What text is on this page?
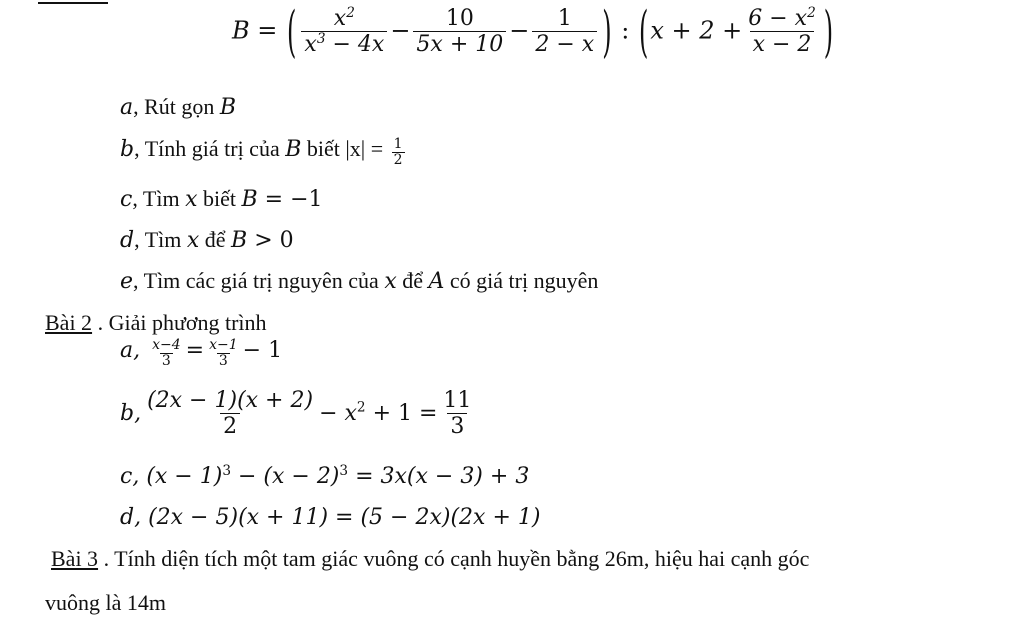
B = ( $\frac{x^2}{x^3 - 4x} - \frac{10}{5x + 10} - \frac{1}{2 - x}$ ) : ($x + 2 + \frac{6 - x^2}{x - 2}$ )
a, Rút gọn B
b, Tính giá trị của B biết $|x| = \frac{1}{2}$
c, Tìm x biết B = −1
d, Tìm x để B > 0
e, Tìm các giá trị nguyên của x để A có giá trị nguyên
Bài 2 . Giải phương trình
a, $\frac{x-4}{3} = \frac{x-1}{3} - 1$
b, $\frac{(2x - 1)(x + 2)}{2} - x^2 + 1 = \frac{11}{3}$
c, $(x - 1)^3 - (x - 2)^3 = 3x(x - 3) + 3$
d, (2x − 5)(x + 11) = (5 − 2x)(2x + 1)
Bài 3 . Tính diện tích một tam giác vuông có cạnh huyền bằng 26m, hiệu hai cạnh góc
vuông là 14m
